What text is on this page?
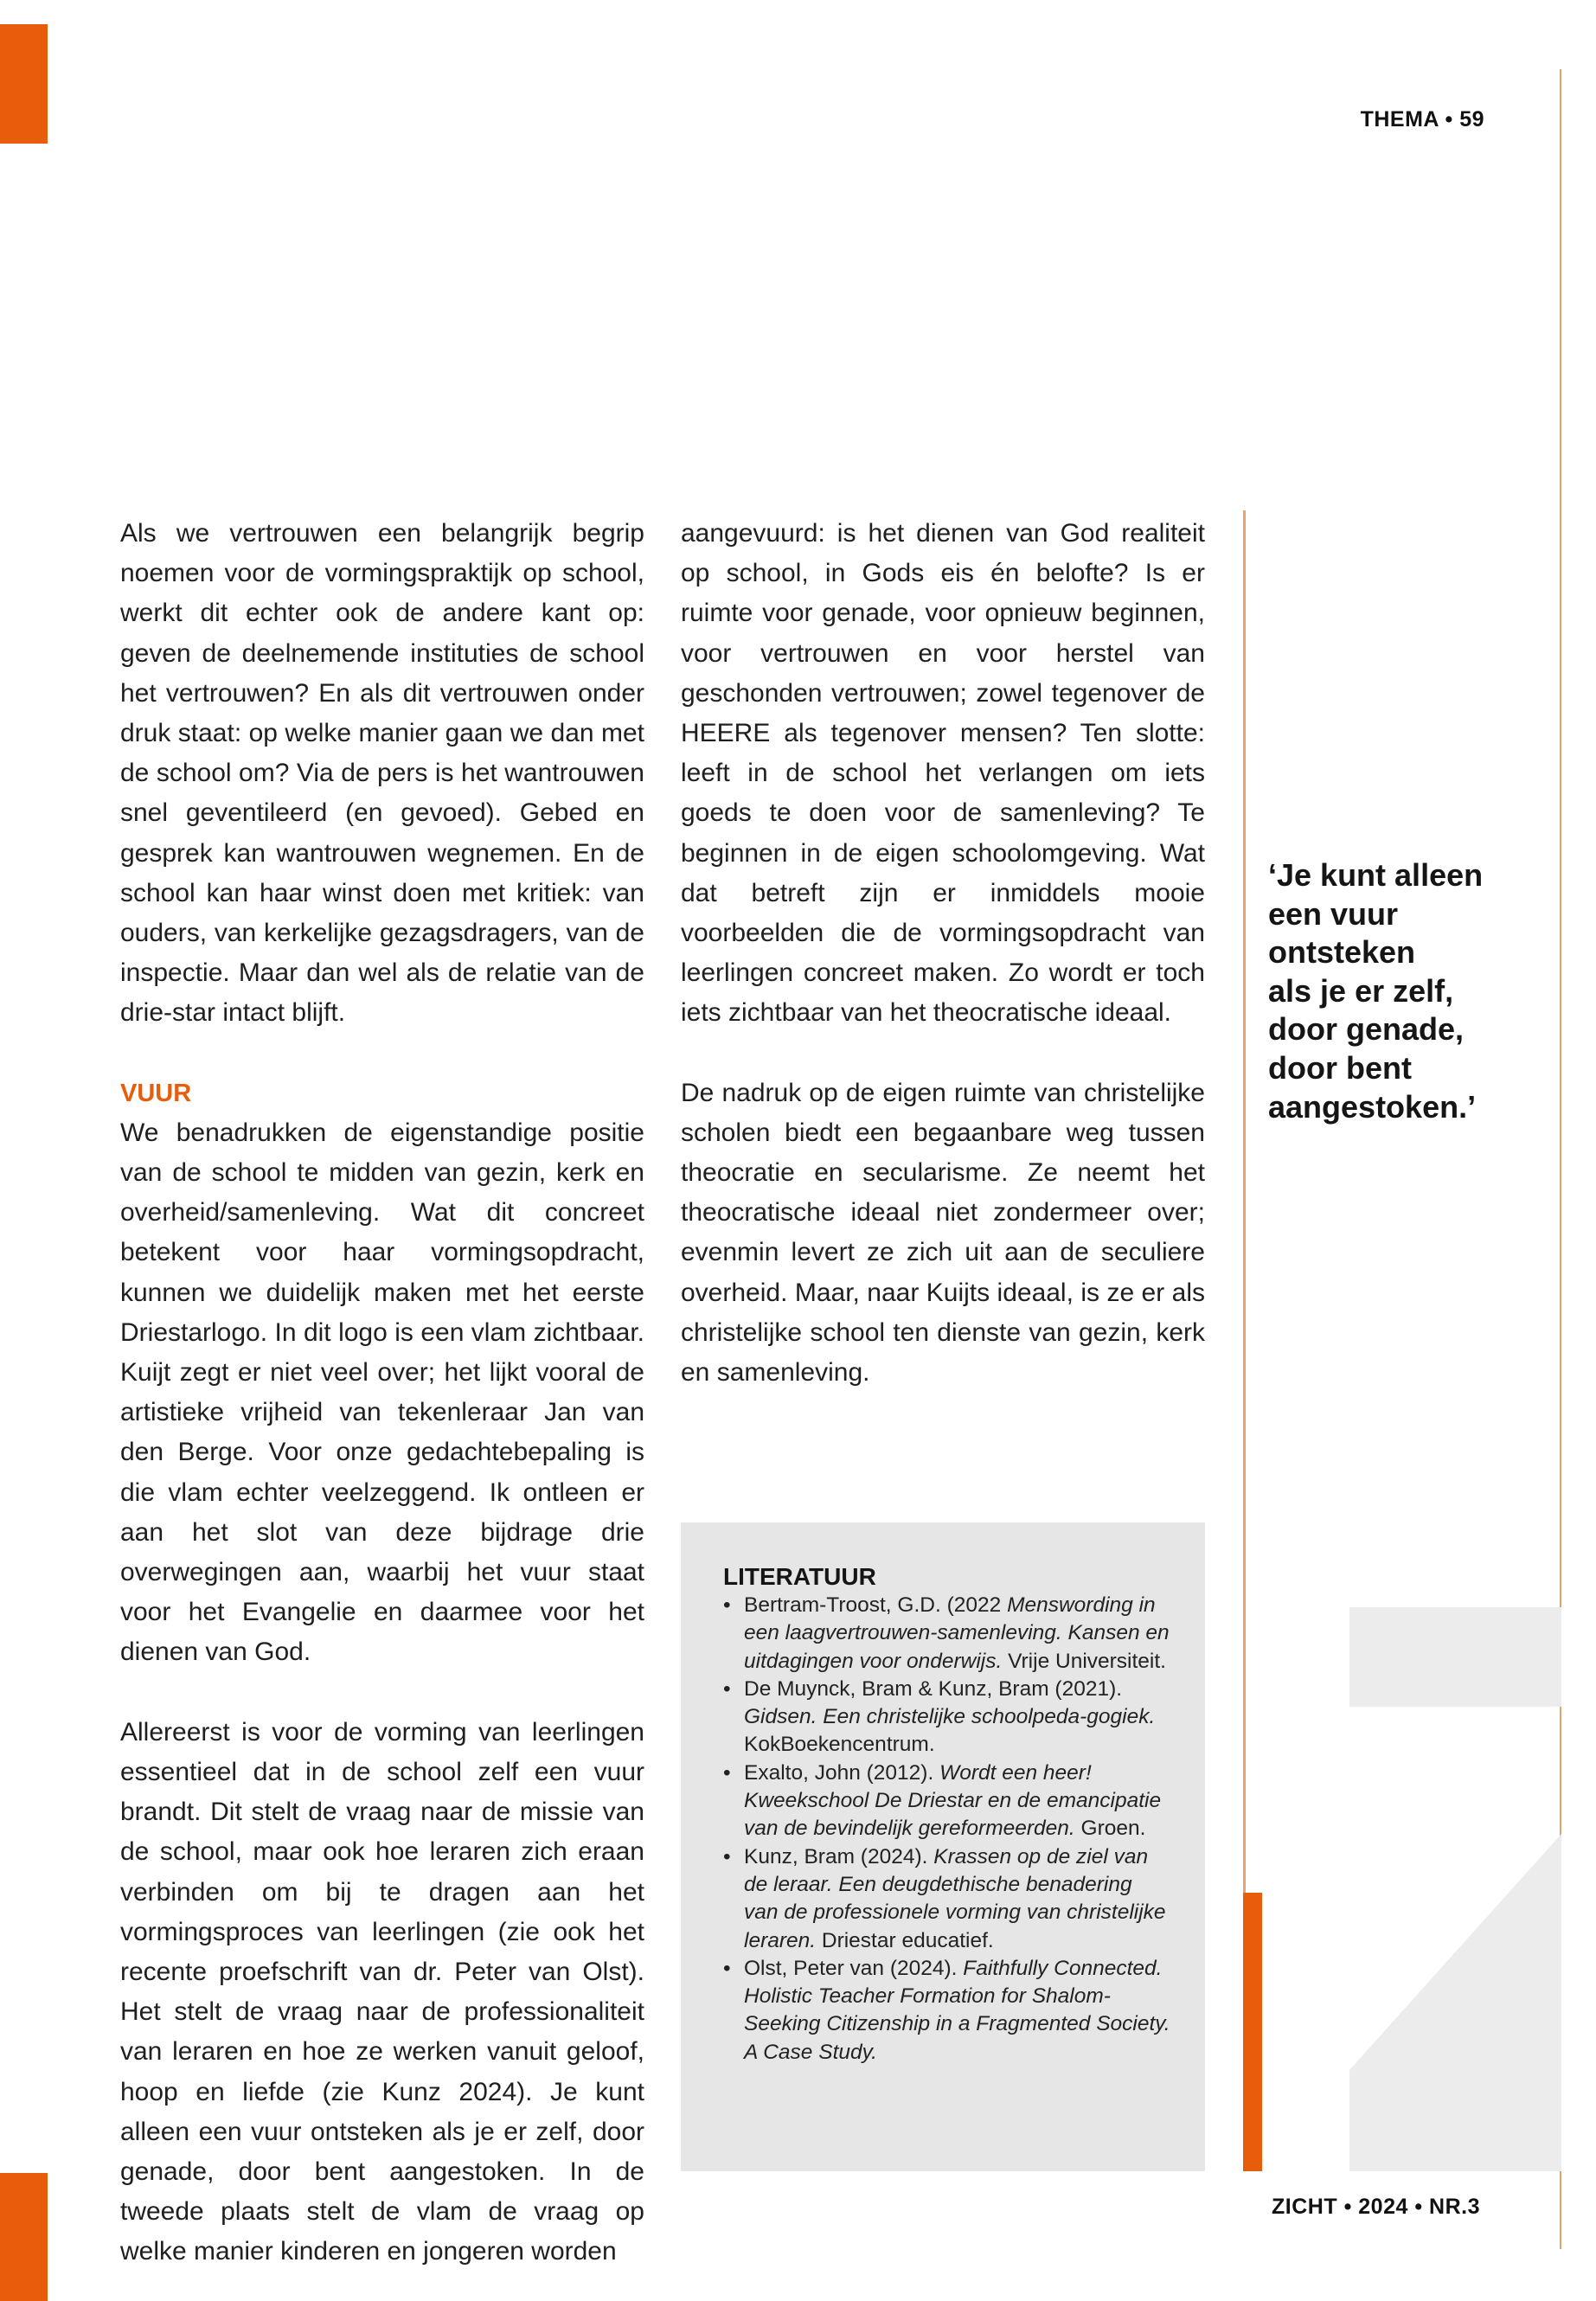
THEMA • 59

Als we vertrouwen een belangrijk begrip noemen voor de vormingspraktijk op school, werkt dit echter ook de andere kant op: geven de deelnemende instituties de school het vertrouwen? En als dit vertrouwen onder druk staat: op welke manier gaan we dan met de school om? Via de pers is het wantrouwen snel geventileerd (en gevoed). Gebed en gesprek kan wantrouwen wegnemen. En de school kan haar winst doen met kritiek: van ouders, van kerkelijke gezagsdragers, van de inspectie. Maar dan wel als de relatie van de drie-star intact blijft.

VUUR

We benadrukken de eigenstandige positie van de school te midden van gezin, kerk en overheid/samenleving. Wat dit concreet betekent voor haar vormingsopdracht, kunnen we duidelijk maken met het eerste Driestarlogo. In dit logo is een vlam zichtbaar. Kuijt zegt er niet veel over; het lijkt vooral de artistieke vrijheid van tekenleraar Jan van den Berge. Voor onze gedachtebepaling is die vlam echter veelzeggend. Ik ontleen er aan het slot van deze bijdrage drie overwegingen aan, waarbij het vuur staat voor het Evangelie en daarmee voor het dienen van God.

Allereerst is voor de vorming van leerlingen essentieel dat in de school zelf een vuur brandt. Dit stelt de vraag naar de missie van de school, maar ook hoe leraren zich eraan verbinden om bij te dragen aan het vormingsproces van leerlingen (zie ook het recente proefschrift van dr. Peter van Olst). Het stelt de vraag naar de professionaliteit van leraren en hoe ze werken vanuit geloof, hoop en liefde (zie Kunz 2024). Je kunt alleen een vuur ontsteken als je er zelf, door genade, door bent aangestoken. In de tweede plaats stelt de vlam de vraag op welke manier kinderen en jongeren worden

aangevuurd: is het dienen van God realiteit op school, in Gods eis én belofte? Is er ruimte voor genade, voor opnieuw beginnen, voor vertrouwen en voor herstel van geschonden vertrouwen; zowel tegenover de HEERE als tegenover mensen? Ten slotte: leeft in de school het verlangen om iets goeds te doen voor de samenleving? Te beginnen in de eigen schoolomgeving. Wat dat betreft zijn er inmiddels mooie voorbeelden die de vormingsopdracht van leerlingen concreet maken. Zo wordt er toch iets zichtbaar van het theocratische ideaal.

De nadruk op de eigen ruimte van christelijke scholen biedt een begaanbare weg tussen theocratie en secularisme. Ze neemt het theocratische ideaal niet zondermeer over; evenmin levert ze zich uit aan de seculiere overheid. Maar, naar Kuijts ideaal, is ze er als christelijke school ten dienste van gezin, kerk en samenleving.

‘Je kunt alleen
een vuur
ontsteken
als je er zelf,
door genade,
door bent
aangestoken.’
LITERATUUR
• Bertram-Troost, G.D. (2022 Menswording in een laagvertrouwen-samenleving. Kansen en uitdagingen voor onderwijs. Vrije Universiteit.
• De Muynck, Bram & Kunz, Bram (2021). Gidsen. Een christelijke schoolpeda-gogiek. KokBoekencentrum.
• Exalto, John (2012). Wordt een heer! Kweekschool De Driestar en de emancipatie van de bevindelijk gereformeerden. Groen.
• Kunz, Bram (2024). Krassen op de ziel van de leraar. Een deugdethische benadering van de professionele vorming van christelijke leraren. Driestar educatief.
• Olst, Peter van (2024). Faithfully Connected. Holistic Teacher Formation for Shalom-Seeking Citizenship in a Fragmented Society. A Case Study.
ZICHT • 2024 • NR.3
